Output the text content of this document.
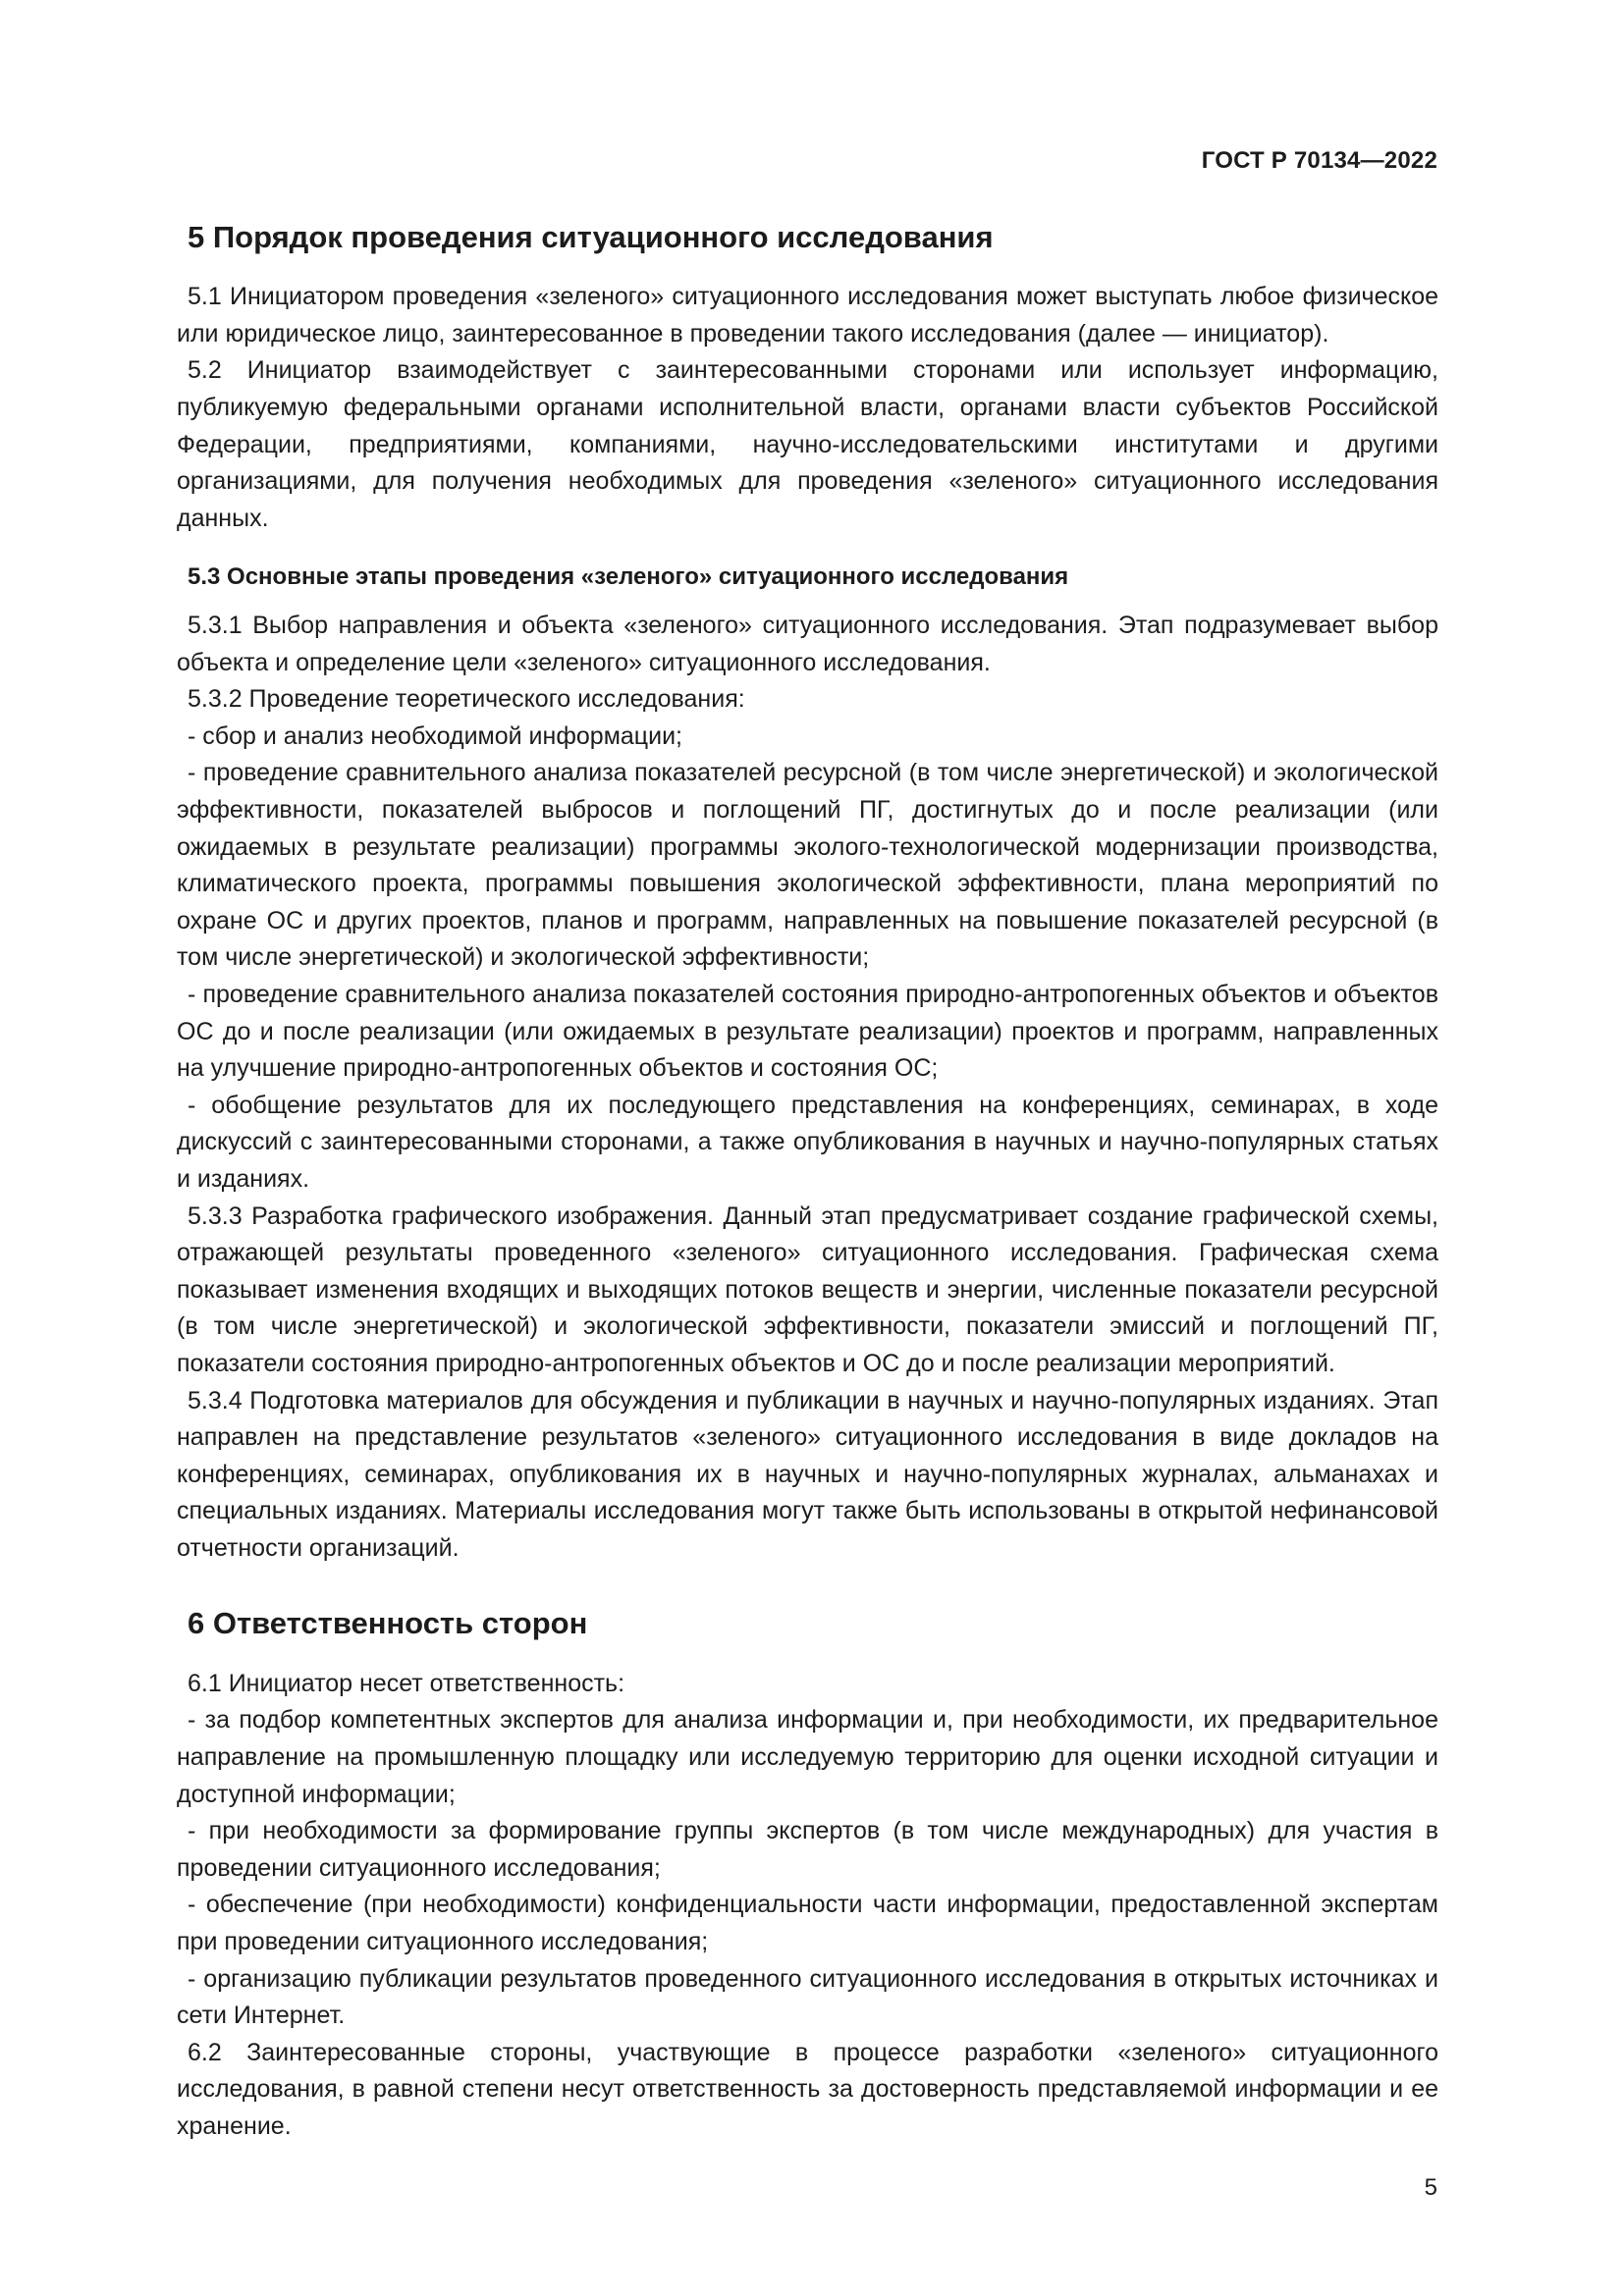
ГОСТ Р 70134—2022
5 Порядок проведения ситуационного исследования

5.1 Инициатором проведения «зеленого» ситуационного исследования может выступать любое физическое или юридическое лицо, заинтересованное в проведении такого исследования (далее — инициатор).

5.2 Инициатор взаимодействует с заинтересованными сторонами или использует информацию, публикуемую федеральными органами исполнительной власти, органами власти субъектов Российской Федерации, предприятиями, компаниями, научно-исследовательскими институтами и другими организациями, для получения необходимых для проведения «зеленого» ситуационного исследования данных.

5.3 Основные этапы проведения «зеленого» ситуационного исследования

5.3.1 Выбор направления и объекта «зеленого» ситуационного исследования. Этап подразумевает выбор объекта и определение цели «зеленого» ситуационного исследования.

5.3.2 Проведение теоретического исследования:

- сбор и анализ необходимой информации;

- проведение сравнительного анализа показателей ресурсной (в том числе энергетической) и экологической эффективности, показателей выбросов и поглощений ПГ, достигнутых до и после реализации (или ожидаемых в результате реализации) программы эколого-технологической модернизации производства, климатического проекта, программы повышения экологической эффективности, плана мероприятий по охране ОС и других проектов, планов и программ, направленных на повышение показателей ресурсной (в том числе энергетической) и экологической эффективности;

- проведение сравнительного анализа показателей состояния природно-антропогенных объектов и объектов ОС до и после реализации (или ожидаемых в результате реализации) проектов и программ, направленных на улучшение природно-антропогенных объектов и состояния ОС;

- обобщение результатов для их последующего представления на конференциях, семинарах, в ходе дискуссий с заинтересованными сторонами, а также опубликования в научных и научно-популярных статьях и изданиях.

5.3.3 Разработка графического изображения. Данный этап предусматривает создание графической схемы, отражающей результаты проведенного «зеленого» ситуационного исследования. Графическая схема показывает изменения входящих и выходящих потоков веществ и энергии, численные показатели ресурсной (в том числе энергетической) и экологической эффективности, показатели эмиссий и поглощений ПГ, показатели состояния природно-антропогенных объектов и ОС до и после реализации мероприятий.

5.3.4 Подготовка материалов для обсуждения и публикации в научных и научно-популярных изданиях. Этап направлен на представление результатов «зеленого» ситуационного исследования в виде докладов на конференциях, семинарах, опубликования их в научных и научно-популярных журналах, альманахах и специальных изданиях. Материалы исследования могут также быть использованы в открытой нефинансовой отчетности организаций.

6 Ответственность сторон

6.1 Инициатор несет ответственность:

- за подбор компетентных экспертов для анализа информации и, при необходимости, их предварительное направление на промышленную площадку или исследуемую территорию для оценки исходной ситуации и доступной информации;

- при необходимости за формирование группы экспертов (в том числе международных) для участия в проведении ситуационного исследования;

- обеспечение (при необходимости) конфиденциальности части информации, предоставленной экспертам при проведении ситуационного исследования;

- организацию публикации результатов проведенного ситуационного исследования в открытых источниках и сети Интернет.

6.2 Заинтересованные стороны, участвующие в процессе разработки «зеленого» ситуационного исследования, в равной степени несут ответственность за достоверность представляемой информации и ее хранение.

5
